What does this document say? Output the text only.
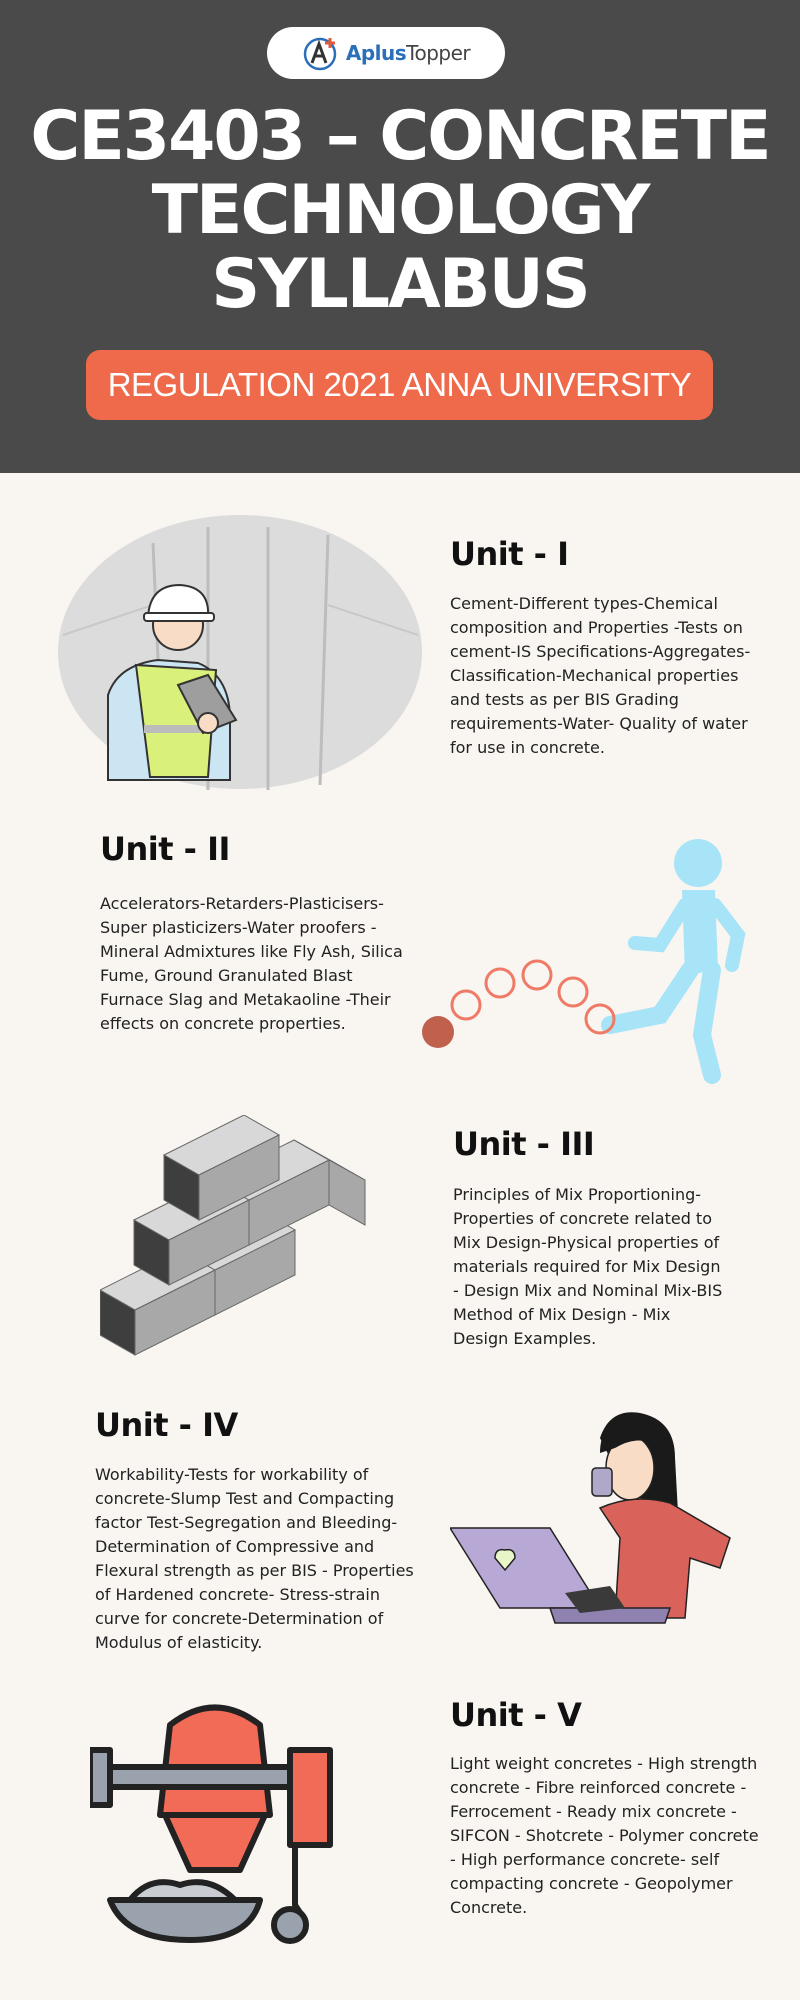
AplusTopper
CE3403 – CONCRETE
TECHNOLOGY
SYLLABUS
REGULATION 2021 ANNA UNIVERSITY
Unit - I

Cement-Different types-Chemical composition and Properties -Tests on cement-IS Specifications-Aggregates-Classification-Mechanical properties and tests as per BIS Grading requirements-Water- Quality of water for use in concrete.

Unit - II

Accelerators-Retarders-Plasticisers- Super plasticizers-Water proofers - Mineral Admixtures like Fly Ash, Silica Fume, Ground Granulated Blast Furnace Slag and Metakaoline -Their effects on concrete properties.

Unit - III

Principles of Mix Proportioning-Properties of concrete related to Mix Design-Physical properties of materials required for Mix Design - Design Mix and Nominal Mix-BIS Method of Mix Design - Mix Design Examples.

Unit - IV

Workability-Tests for workability of concrete-Slump Test and Compacting factor Test-Segregation and Bleeding-Determination of Compressive and Flexural strength as per BIS - Properties of Hardened concrete- Stress-strain curve for concrete-Determination of Modulus of elasticity.

Unit - V

Light weight concretes - High strength concrete - Fibre reinforced concrete - Ferrocement - Ready mix concrete - SIFCON - Shotcrete - Polymer concrete - High performance concrete- self compacting concrete - Geopolymer Concrete.
